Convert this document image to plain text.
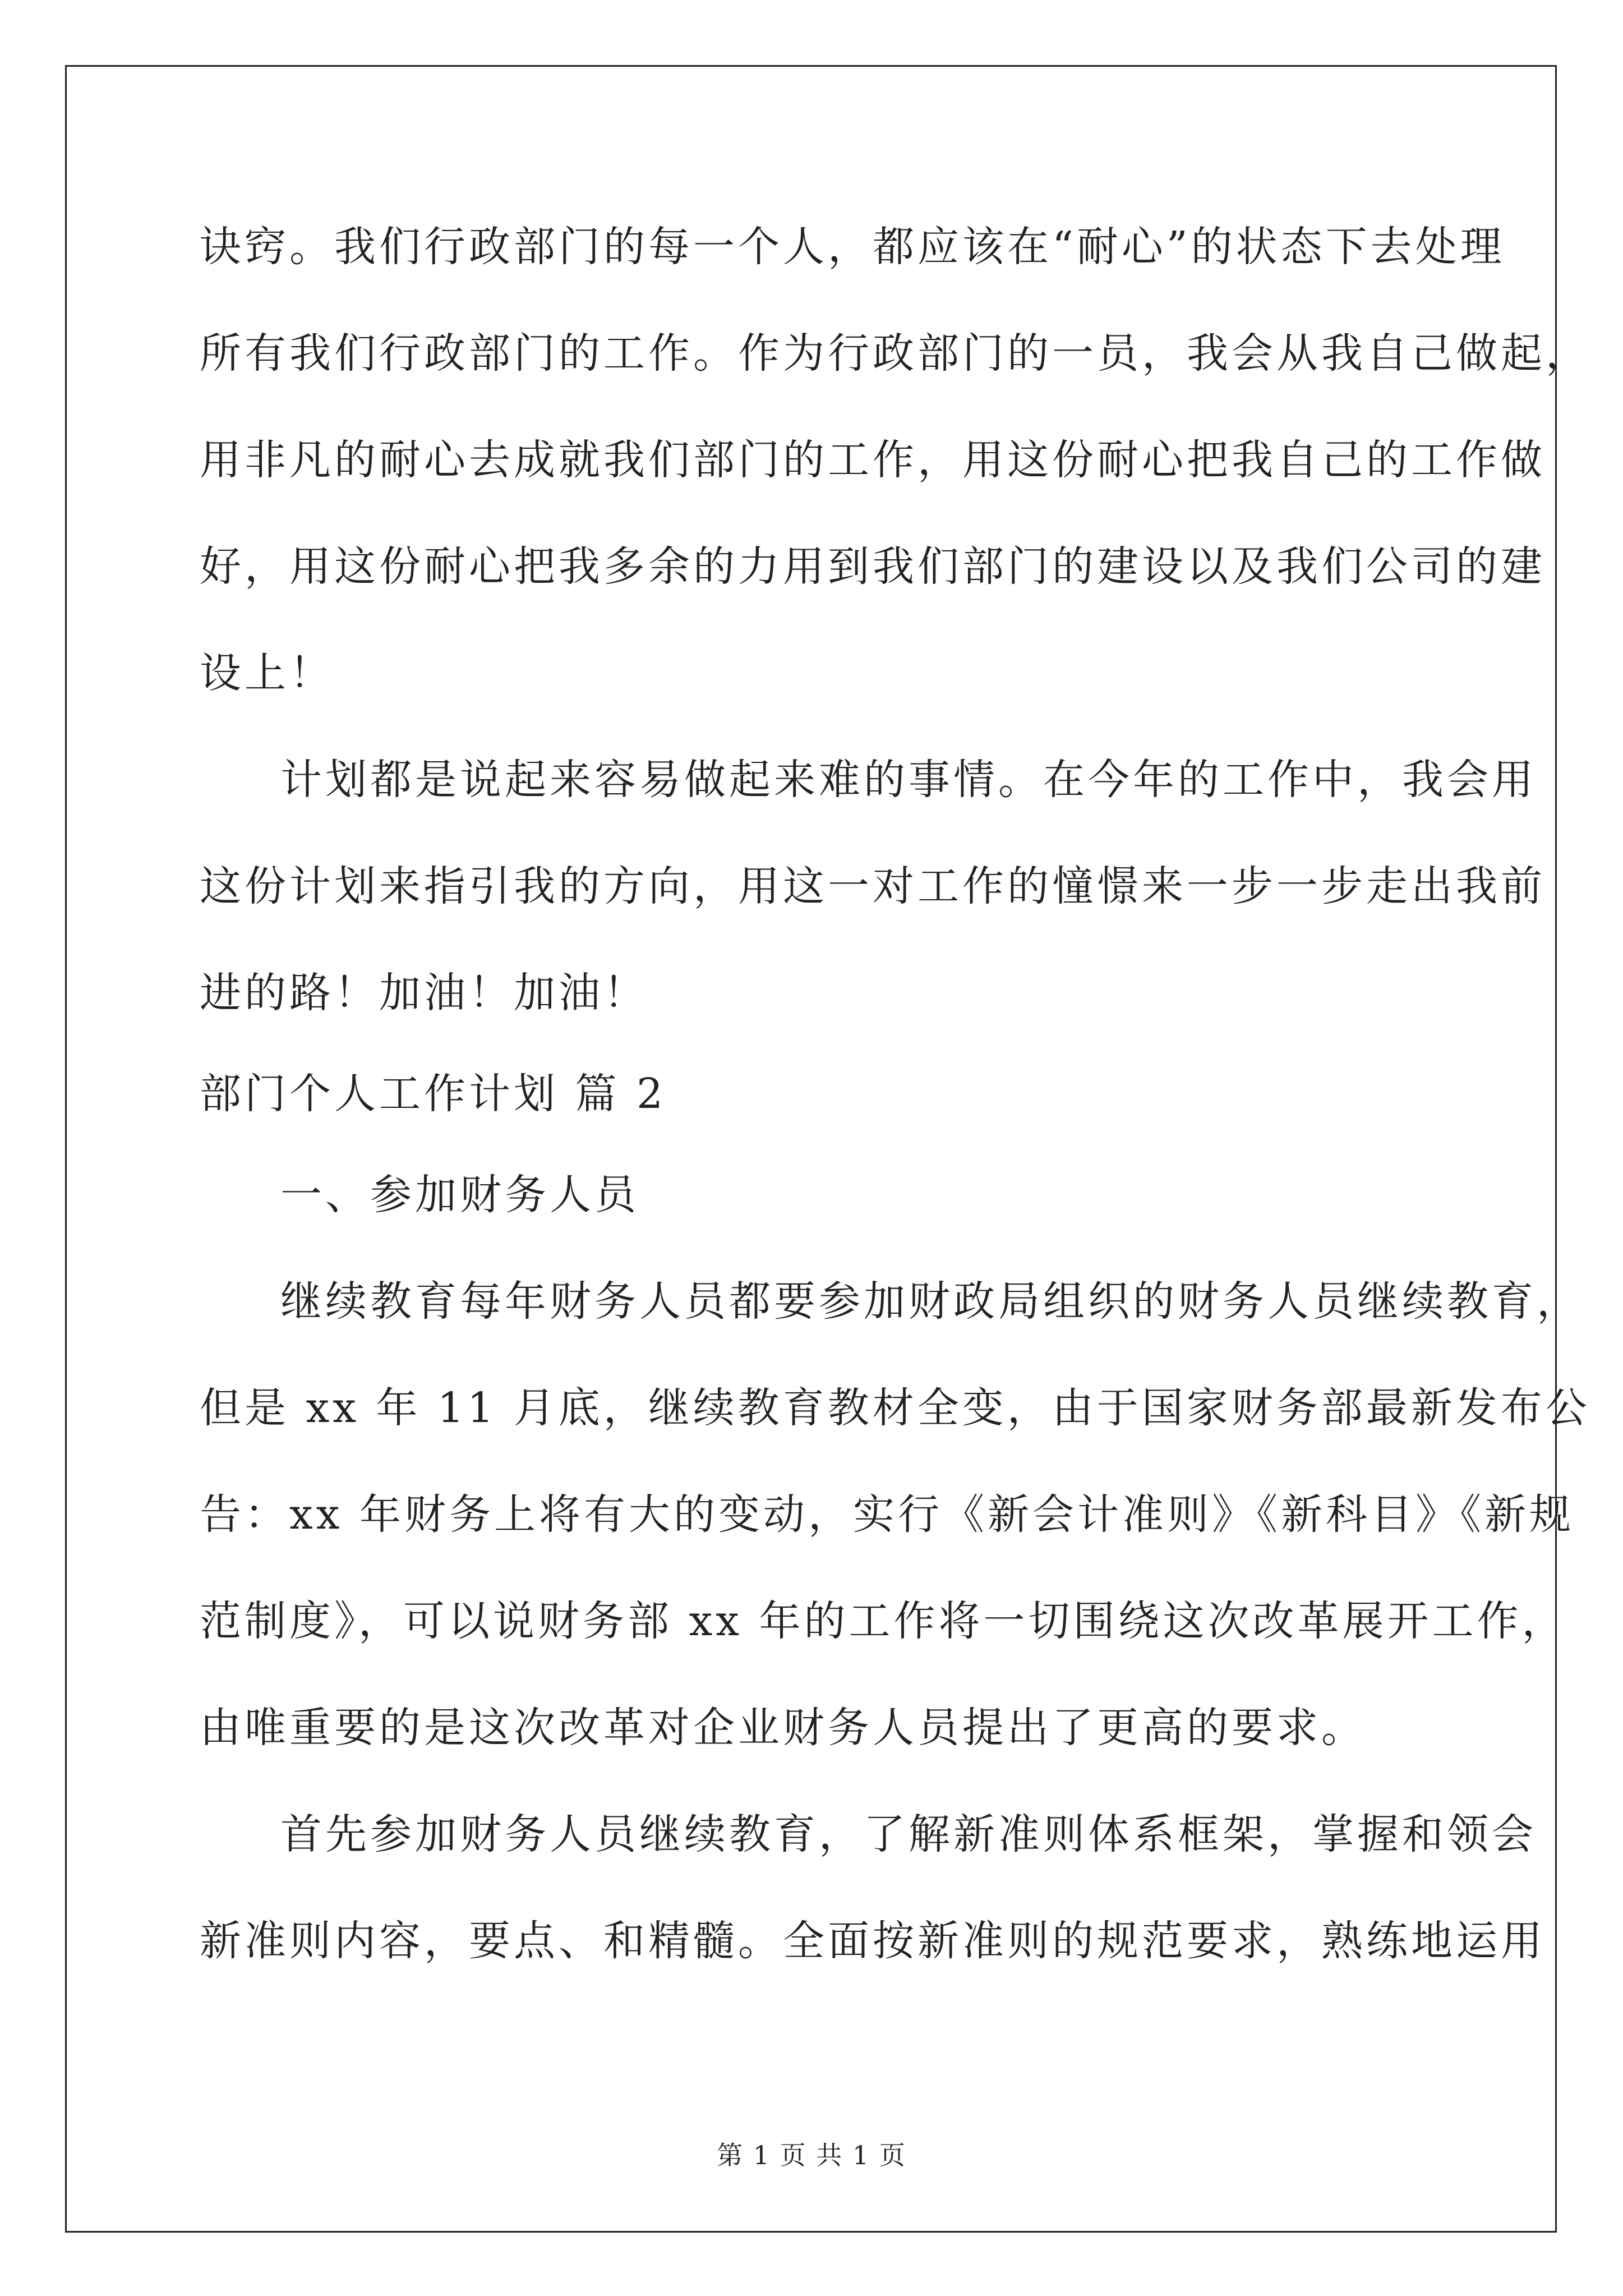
诀窍。我们行政部门的每一个人，都应该在“耐心”的状态下去处理
所有我们行政部门的工作。作为行政部门的一员，我会从我自己做起，
用非凡的耐心去成就我们部门的工作，用这份耐心把我自己的工作做
好，用这份耐心把我多余的力用到我们部门的建设以及我们公司的建
设上！
计划都是说起来容易做起来难的事情。在今年的工作中，我会用
这份计划来指引我的方向，用这一对工作的憧憬来一步一步走出我前
进的路！加油！加油！
部门个人工作计划 篇 2
一、参加财务人员
继续教育每年财务人员都要参加财政局组织的财务人员继续教育，
但是 xx 年 11 月底，继续教育教材全变，由于国家财务部最新发布公
告：xx 年财务上将有大的变动，实行《新会计准则》《新科目》《新规
范制度》，可以说财务部 xx 年的工作将一切围绕这次改革展开工作，
由唯重要的是这次改革对企业财务人员提出了更高的要求。
首先参加财务人员继续教育，了解新准则体系框架，掌握和领会
新准则内容，要点、和精髓。全面按新准则的规范要求，熟练地运用
第 1 页 共 1 页
